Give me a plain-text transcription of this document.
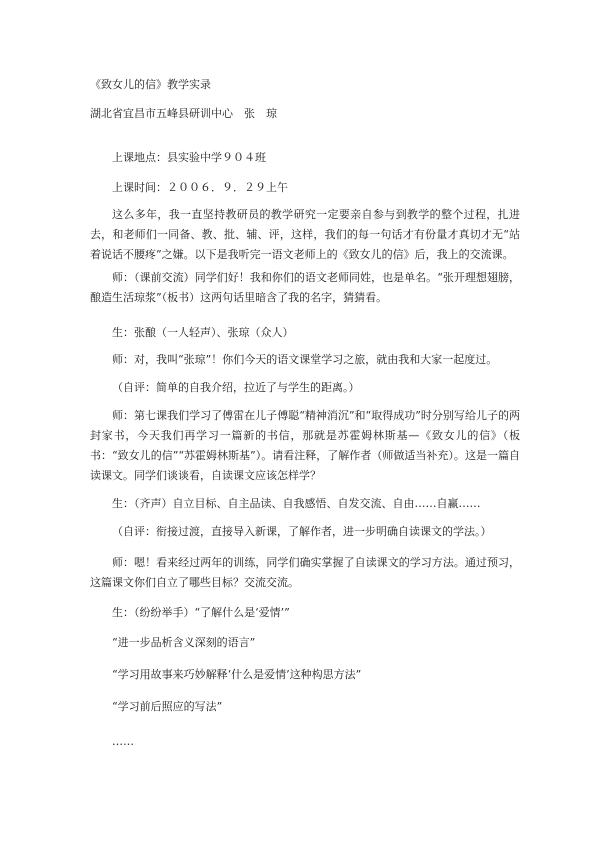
《致女儿的信》教学实录
湖北省宜昌市五峰县研训中心　张　琼
上课地点：县实验中学９０４班
上课时间：２００６．９．２９上午
这么多年，我一直坚持教研员的教学研究一定要亲自参与到教学的整个过程，扎进去，和老师们一同备、教、批、辅、评，这样，我们的每一句话才有份量才真切才无“站着说话不腰疼”之嫌。以下是我听完一语文老师上的《致女儿的信》后，我上的交流课。
师：（课前交流）同学们好！我和你们的语文老师同姓，也是单名。“张开理想翅膀，酿造生活琼浆”（板书）这两句话里暗含了我的名字，猜猜看。
生：张酿（一人轻声）、张琼（众人）
师：对，我叫“张琼”！你们今天的语文课堂学习之旅，就由我和大家一起度过。
（自评：简单的自我介绍，拉近了与学生的距离。）
师：第七课我们学习了傅雷在儿子傅聪“精神消沉”和“取得成功”时分别写给儿子的两封家书，今天我们再学习一篇新的书信，那就是苏霍姆林斯基—《致女儿的信》（板书：“致女儿的信”“苏霍姆林斯基”）。请看注释，了解作者（师做适当补充）。这是一篇自读课文。同学们谈谈看，自读课文应该怎样学？
生：（齐声）自立目标、自主品读、自我感悟、自发交流、自由……自赢……
（自评：衔接过渡，直接导入新课，了解作者，进一步明确自读课文的学法。）
师：嗯！看来经过两年的训练，同学们确实掌握了自读课文的学习方法。通过预习，这篇课文你们自立了哪些目标？交流交流。
生：（纷纷举手）“了解什么是‘爱情’”
“进一步品析含义深刻的语言”
“学习用故事来巧妙解释‘什么是爱情’这种构思方法”
“学习前后照应的写法”
……
